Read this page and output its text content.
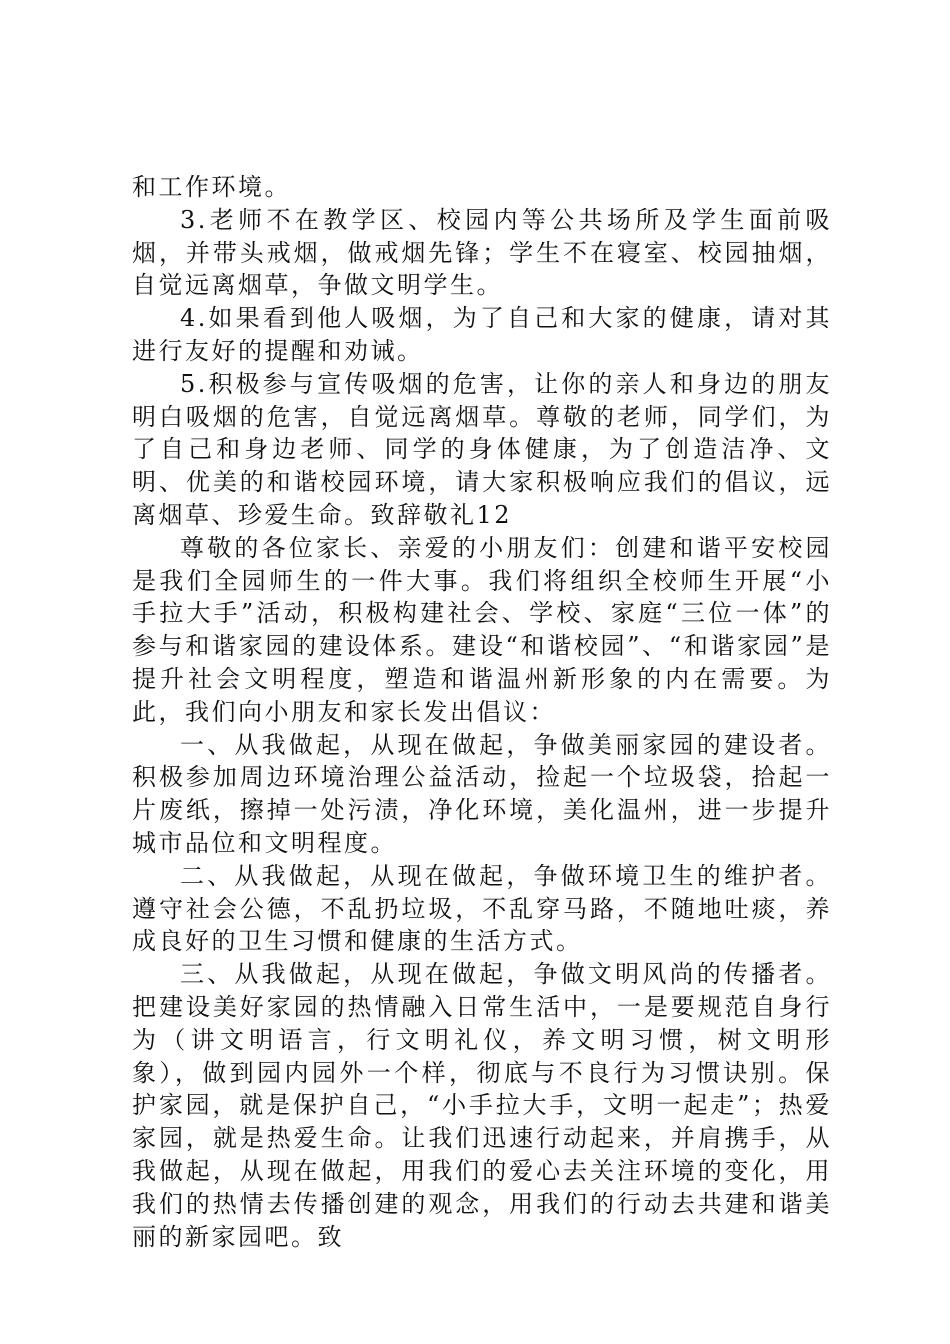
和工作环境。

3.老师不在教学区、校园内等公共场所及学生面前吸烟，并带头戒烟，做戒烟先锋；学生不在寝室、校园抽烟，自觉远离烟草，争做文明学生。

4.如果看到他人吸烟，为了自己和大家的健康，请对其进行友好的提醒和劝诫。

5.积极参与宣传吸烟的危害，让你的亲人和身边的朋友明白吸烟的危害，自觉远离烟草。尊敬的老师，同学们，为了自己和身边老师、同学的身体健康，为了创造洁净、文明、优美的和谐校园环境，请大家积极响应我们的倡议，远离烟草、珍爱生命。致辞敬礼12

尊敬的各位家长、亲爱的小朋友们：创建和谐平安校园是我们全园师生的一件大事。我们将组织全校师生开展“小手拉大手”活动，积极构建社会、学校、家庭“三位一体”的参与和谐家园的建设体系。建设“和谐校园”、“和谐家园”是提升社会文明程度，塑造和谐温州新形象的内在需要。为此，我们向小朋友和家长发出倡议：

一、从我做起，从现在做起，争做美丽家园的建设者。积极参加周边环境治理公益活动，捡起一个垃圾袋，拾起一片废纸，擦掉一处污渍，净化环境，美化温州，进一步提升城市品位和文明程度。

二、从我做起，从现在做起，争做环境卫生的维护者。遵守社会公德，不乱扔垃圾，不乱穿马路，不随地吐痰，养成良好的卫生习惯和健康的生活方式。

三、从我做起，从现在做起，争做文明风尚的传播者。把建设美好家园的热情融入日常生活中，一是要规范自身行为（讲文明语言，行文明礼仪，养文明习惯，树文明形象），做到园内园外一个样，彻底与不良行为习惯诀别。保护家园，就是保护自己，“小手拉大手，文明一起走”；热爱家园，就是热爱生命。让我们迅速行动起来，并肩携手，从我做起，从现在做起，用我们的爱心去关注环境的变化，用我们的热情去传播创建的观念，用我们的行动去共建和谐美丽的新家园吧。致
